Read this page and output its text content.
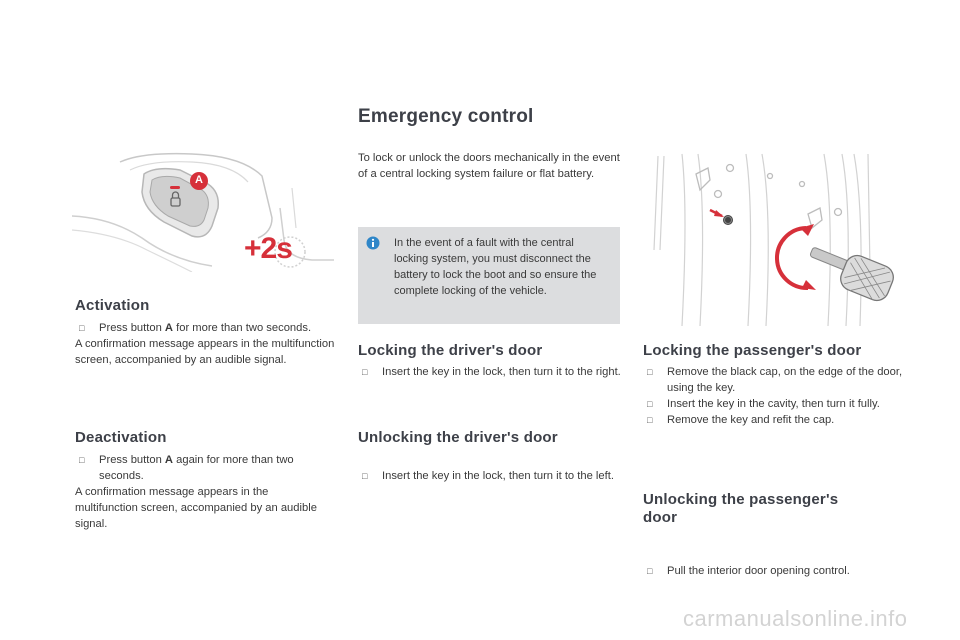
A
+2s
Activation

□ Press button A for more than two seconds.

A confirmation message appears in the multifunction screen, accompanied by an audible signal.

Deactivation

□ Press button A again for more than two seconds.

A confirmation message appears in the multifunction screen, accompanied by an audible signal.

Emergency control

To lock or unlock the doors mechanically in the event of a central locking system failure or flat battery.

In the event of a fault with the central locking system, you must disconnect the battery to lock the boot and so ensure the complete locking of the vehicle.

Locking the driver's door

□ Insert the key in the lock, then turn it to the right.

Unlocking the driver's door

□ Insert the key in the lock, then turn it to the left.

Locking the passenger's door

□ Remove the black cap, on the edge of the door, using the key.

□ Insert the key in the cavity, then turn it fully.

□ Remove the key and refit the cap.

Unlocking the passenger's door

□ Pull the interior door opening control.

carmanualsonline.info
